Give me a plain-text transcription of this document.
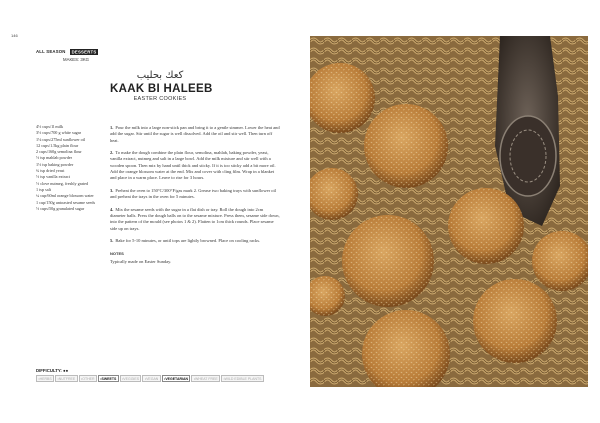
146
ALL SEASON DESSERTS
MAKES: 3KG
كعك بحليب
KAAK BI HALEEB
EASTER COOKIES
4½ cups/1l milk
3½ cups/700 g white sugar
1⅛ cups/275ml sunflower oil
12 cups/1.5kg plain flour
2 cups/160g semolina flour
½ tsp mahlab powder
1½ tsp baking powder
¾ tsp dried yeast
½ tsp vanilla extract
½ clove nutmeg, freshly grated
1 tsp salt
¼ cup/60ml orange blossom water
1 cup/150g untoasted sesame seeds
½ cups/50g granulated sugar

1. Pour the milk into a large non-stick pan and bring it to a gentle simmer. Lower the heat and add the sugar. Stir until the sugar is well dissolved. Add the oil and stir well. Then turn off heat.

2. To make the dough combine the plain flour, semolina, mahlab, baking powder, yeast, vanilla extract, nutmeg and salt in a large bowl. Add the milk mixture and stir well with a wooden spoon. Then mix by hand until thick and sticky. If it is too sticky add a bit more oil. Add the orange blossom water at the end. Mix and cover with cling film. Wrap in a blanket and place in a warm place. Leave to rise for 3 hours.

3. Preheat the oven to 150°C/300°F/gas mark 2. Grease two baking trays with sunflower oil and preheat the trays in the oven for 5 minutes.

4. Mix the sesame seeds with the sugar in a flat dish or tray. Roll the dough into 2cm diameter balls. Press the dough balls on to the sesame mixture. Press them, sesame side down, into the pattern of the mould (see photos 1 & 2). Flatten to 1cm thick rounds. Place sesame side up on trays.

5. Bake for 5-10 minutes, or until tops are lightly browned. Place on cooling racks.

NOTES

Typically made on Easter Sunday.

DIFFICULTY: ●●
•HERBS	•NUTFREE	•OTHER	•SWEETS	•VEGGIES	•VEGAN	•VEGETARIAN	•WHEAT FREE	•WILD EDIBLE PLANTS
